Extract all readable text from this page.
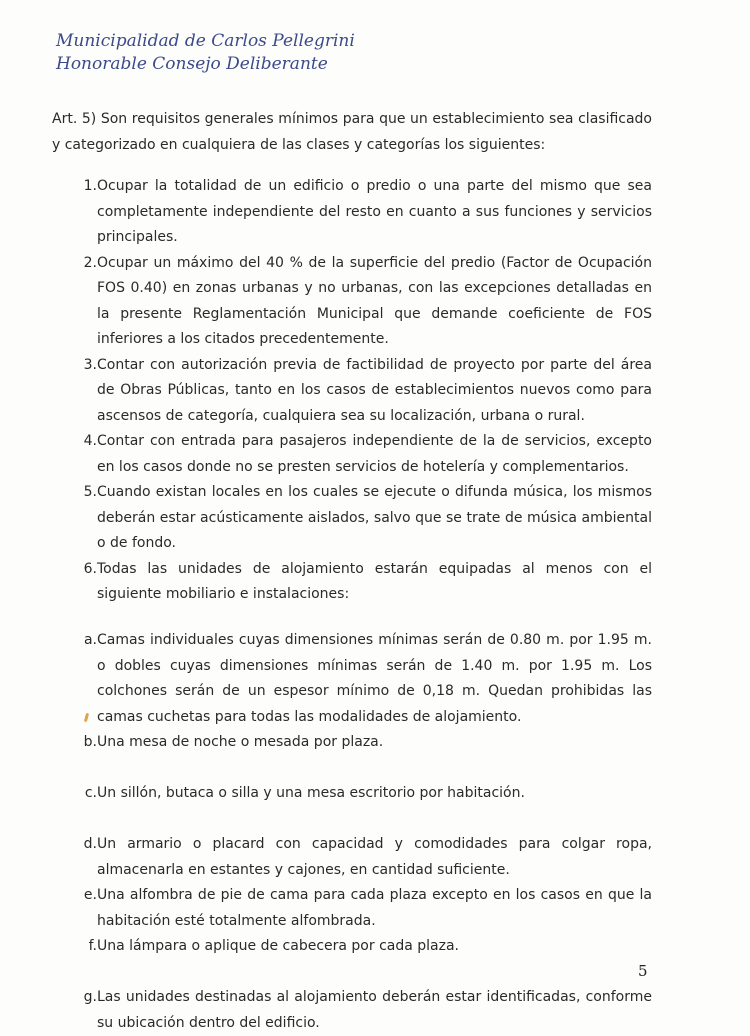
Municipalidad de Carlos Pellegrini
Honorable Consejo Deliberante
Art. 5) Son requisitos generales mínimos para que un establecimiento sea clasificado y categorizado en cualquiera de las clases y categorías los siguientes:
1. Ocupar la totalidad de un edificio o predio o una parte del mismo que sea completamente independiente del resto en cuanto a sus funciones y servicios principales.
2. Ocupar un máximo del 40 % de la superficie del predio (Factor de Ocupación FOS 0.40) en zonas urbanas y no urbanas, con las excepciones detalladas en la presente Reglamentación Municipal que demande coeficiente de FOS inferiores a los citados precedentemente.
3. Contar con autorización previa de factibilidad de proyecto por parte del área de Obras Públicas, tanto en los casos de establecimientos nuevos como para ascensos de categoría, cualquiera sea su localización, urbana o rural.
4. Contar con entrada para pasajeros independiente de la de servicios, excepto en los casos donde no se presten servicios de hotelería y complementarios.
5. Cuando existan locales en los cuales se ejecute o difunda música, los mismos deberán estar acústicamente aislados, salvo que se trate de música ambiental o de fondo.
6. Todas las unidades de alojamiento estarán equipadas al menos con el siguiente mobiliario e instalaciones:
a. Camas individuales cuyas dimensiones mínimas serán de 0.80 m. por 1.95 m. o dobles cuyas dimensiones mínimas serán de 1.40 m. por 1.95 m. Los colchones serán de un espesor mínimo de 0,18 m. Quedan prohibidas las camas cuchetas para todas las modalidades de alojamiento.
b. Una mesa de noche o mesada por plaza.
c. Un sillón, butaca o silla y una mesa escritorio por habitación.
d. Un armario o placard con capacidad y comodidades para colgar ropa, almacenarla en estantes y cajones, en cantidad suficiente.
e. Una alfombra de pie de cama para cada plaza excepto en los casos en que la habitación esté totalmente alfombrada.
f. Una lámpara o aplique de cabecera por cada plaza.
g. Las unidades destinadas al alojamiento deberán estar identificadas, conforme su ubicación dentro del edificio.
5
